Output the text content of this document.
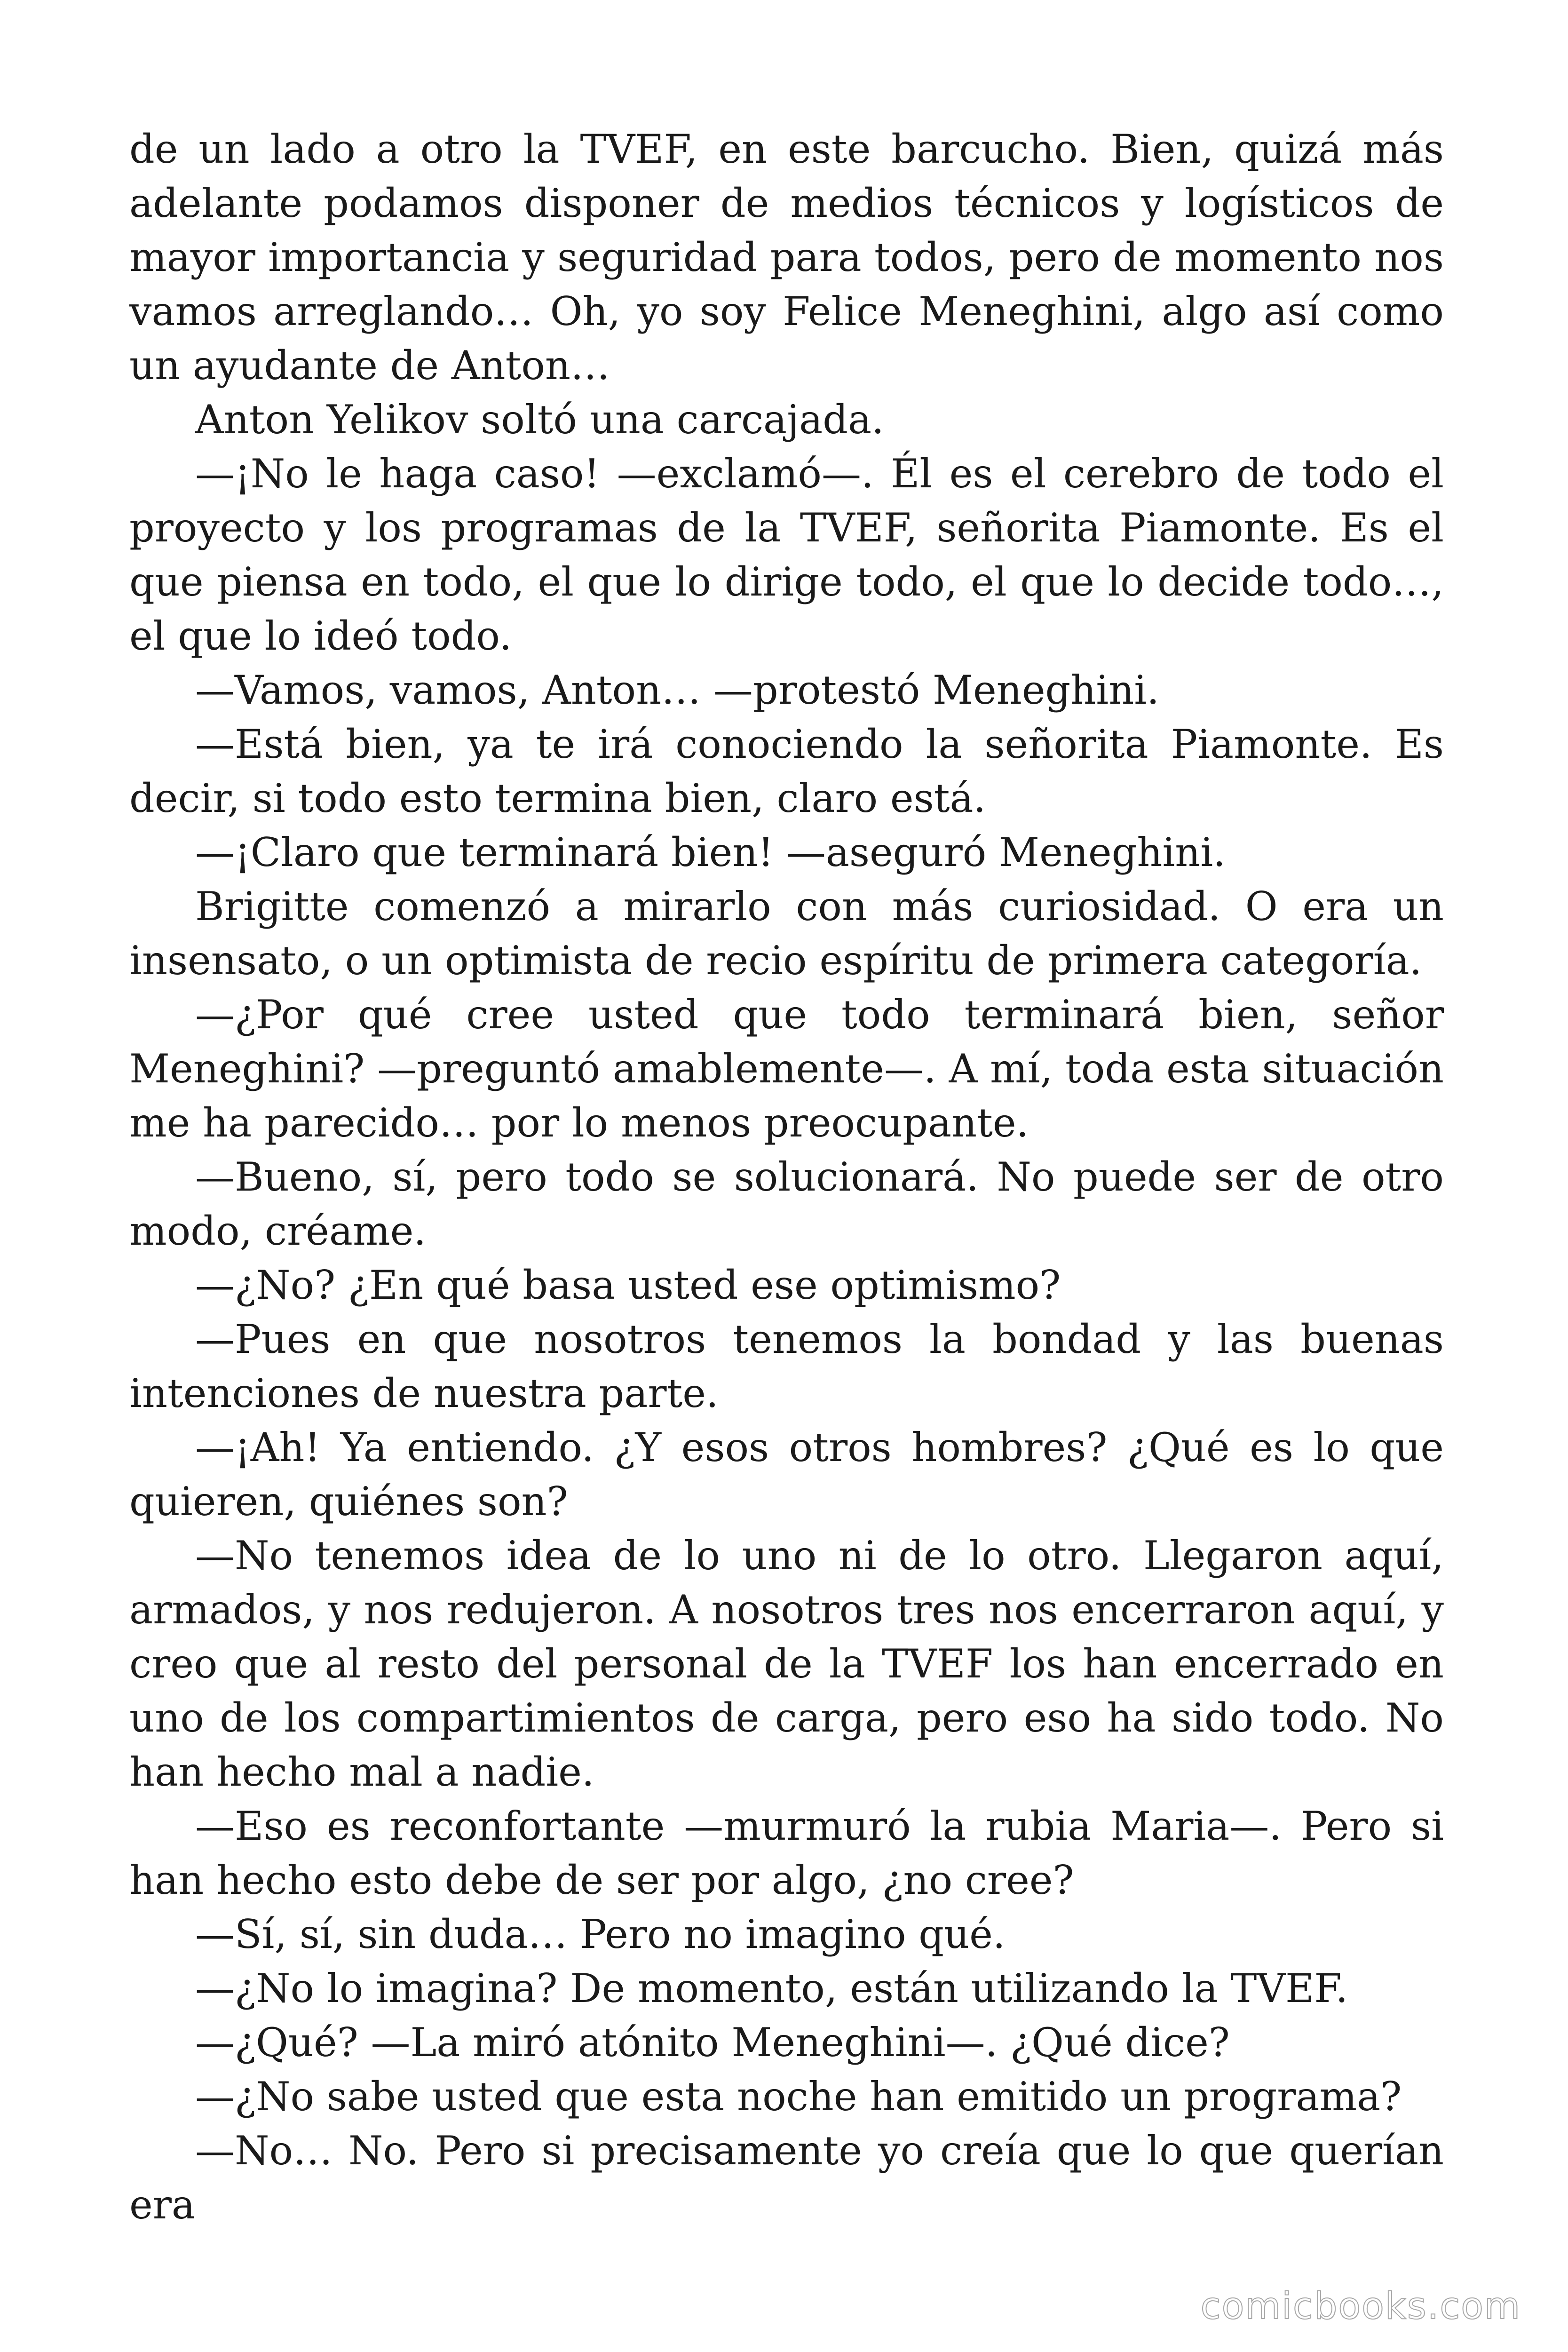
de un lado a otro la TVEF, en este barcucho. Bien, quizá más adelante podamos disponer de medios técnicos y logísticos de mayor importancia y seguridad para todos, pero de momento nos vamos arreglando… Oh, yo soy Felice Meneghini, algo así como un ayudante de Anton…

Anton Yelikov soltó una carcajada.

—¡No le haga caso! —exclamó—. Él es el cerebro de todo el proyecto y los programas de la TVEF, señorita Piamonte. Es el que piensa en todo, el que lo dirige todo, el que lo decide todo…, el que lo ideó todo.

—Vamos, vamos, Anton… —protestó Meneghini.

—Está bien, ya te irá conociendo la señorita Piamonte. Es decir, si todo esto termina bien, claro está.

—¡Claro que terminará bien! —aseguró Meneghini.

Brigitte comenzó a mirarlo con más curiosidad. O era un insensato, o un optimista de recio espíritu de primera categoría.

—¿Por qué cree usted que todo terminará bien, señor Meneghini? —preguntó amablemente—. A mí, toda esta situación me ha parecido… por lo menos preocupante.

—Bueno, sí, pero todo se solucionará. No puede ser de otro modo, créame.

—¿No? ¿En qué basa usted ese optimismo?

—Pues en que nosotros tenemos la bondad y las buenas intenciones de nuestra parte.

—¡Ah! Ya entiendo. ¿Y esos otros hombres? ¿Qué es lo que quieren, quiénes son?

—No tenemos idea de lo uno ni de lo otro. Llegaron aquí, armados, y nos redujeron. A nosotros tres nos encerraron aquí, y creo que al resto del personal de la TVEF los han encerrado en uno de los compartimientos de carga, pero eso ha sido todo. No han hecho mal a nadie.

—Eso es reconfortante —murmuró la rubia Maria—. Pero si han hecho esto debe de ser por algo, ¿no cree?

—Sí, sí, sin duda… Pero no imagino qué.

—¿No lo imagina? De momento, están utilizando la TVEF.

—¿Qué? —La miró atónito Meneghini—. ¿Qué dice?

—¿No sabe usted que esta noche han emitido un programa?

—No… No. Pero si precisamente yo creía que lo que querían era

comicbooks.com
